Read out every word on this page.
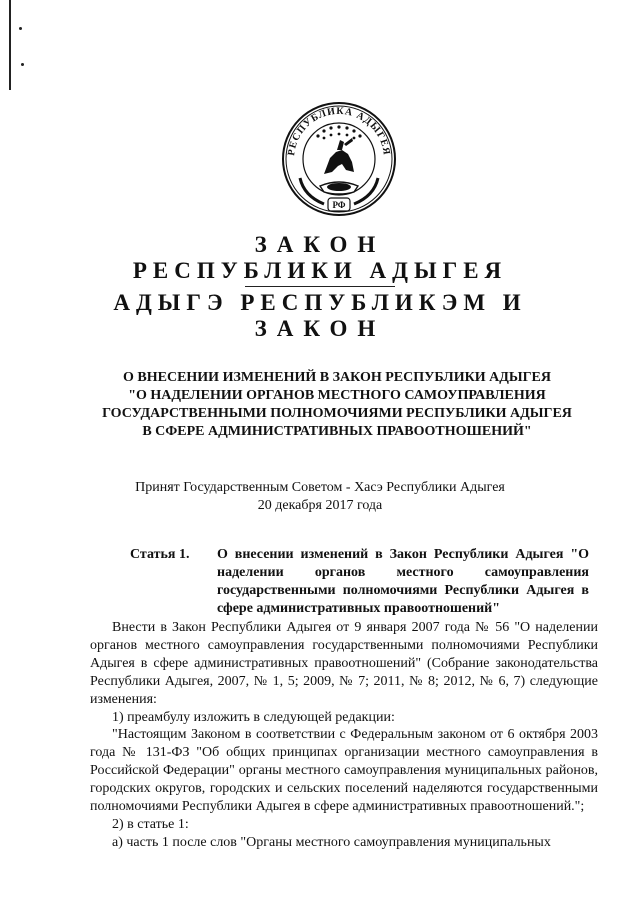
РЕСПУБЛИКА АДЫГЕЯ
РФ
ЗАКОН
РЕСПУБЛИКИ АДЫГЕЯ
АДЫГЭ РЕСПУБЛИКЭМ И
ЗАКОН
О ВНЕСЕНИИ ИЗМЕНЕНИЙ В ЗАКОН РЕСПУБЛИКИ АДЫГЕЯ
"О НАДЕЛЕНИИ ОРГАНОВ МЕСТНОГО САМОУПРАВЛЕНИЯ
ГОСУДАРСТВЕННЫМИ ПОЛНОМОЧИЯМИ РЕСПУБЛИКИ АДЫГЕЯ
В СФЕРЕ АДМИНИСТРАТИВНЫХ ПРАВООТНОШЕНИЙ"
Принят Государственным Советом - Хасэ Республики Адыгея
20 декабря 2017 года
Статья 1. О внесении изменений в Закон Республики Адыгея "О наделении органов местного самоуправления государственными полномочиями Республики Адыгея в сфере административных правоотношений"

Внести в Закон Республики Адыгея от 9 января 2007 года № 56 "О наделении органов местного самоуправления государственными полномочиями Республики Адыгея в сфере административных правоотношений" (Собрание законодательства Республики Адыгея, 2007, № 1, 5; 2009, № 7; 2011, № 8; 2012, № 6, 7) следующие изменения:

1) преамбулу изложить в следующей редакции:

"Настоящим Законом в соответствии с Федеральным законом от 6 октября 2003 года № 131-ФЗ "Об общих принципах организации местного самоуправления в Российской Федерации" органы местного самоуправления муниципальных районов, городских округов, городских и сельских поселений наделяются государственными полномочиями Республики Адыгея в сфере административных правоотношений.";

2) в статье 1:

а) часть 1 после слов "Органы местного самоуправления муниципальных
